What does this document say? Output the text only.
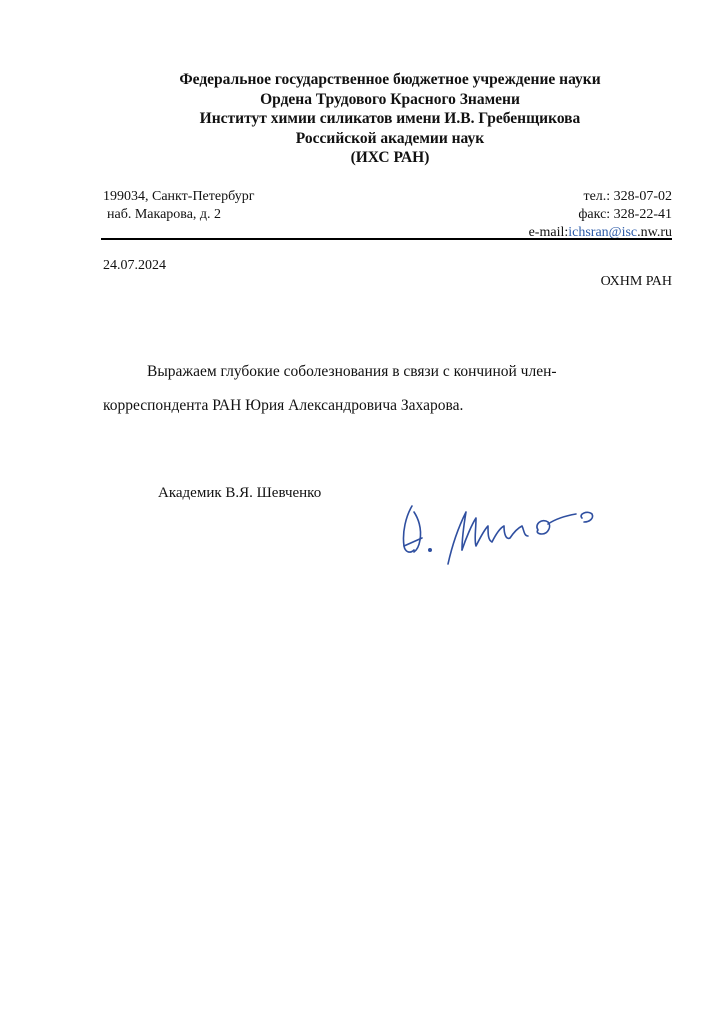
Федеральное государственное бюджетное учреждение науки
Ордена Трудового Красного Знамени
Институт химии силикатов имени И.В. Гребенщикова
Российской академии наук
(ИХС РАН)
199034, Санкт-Петербург
наб. Макарова, д. 2
тел.: 328-07-02
факс: 328-22-41
e-mail:ichsran@isc.nw.ru
24.07.2024
ОХНМ РАН
Выражаем глубокие соболезнования в связи с кончиной член-
корреспондента РАН Юрия Александровича Захарова.
Академик В.Я. Шевченко
